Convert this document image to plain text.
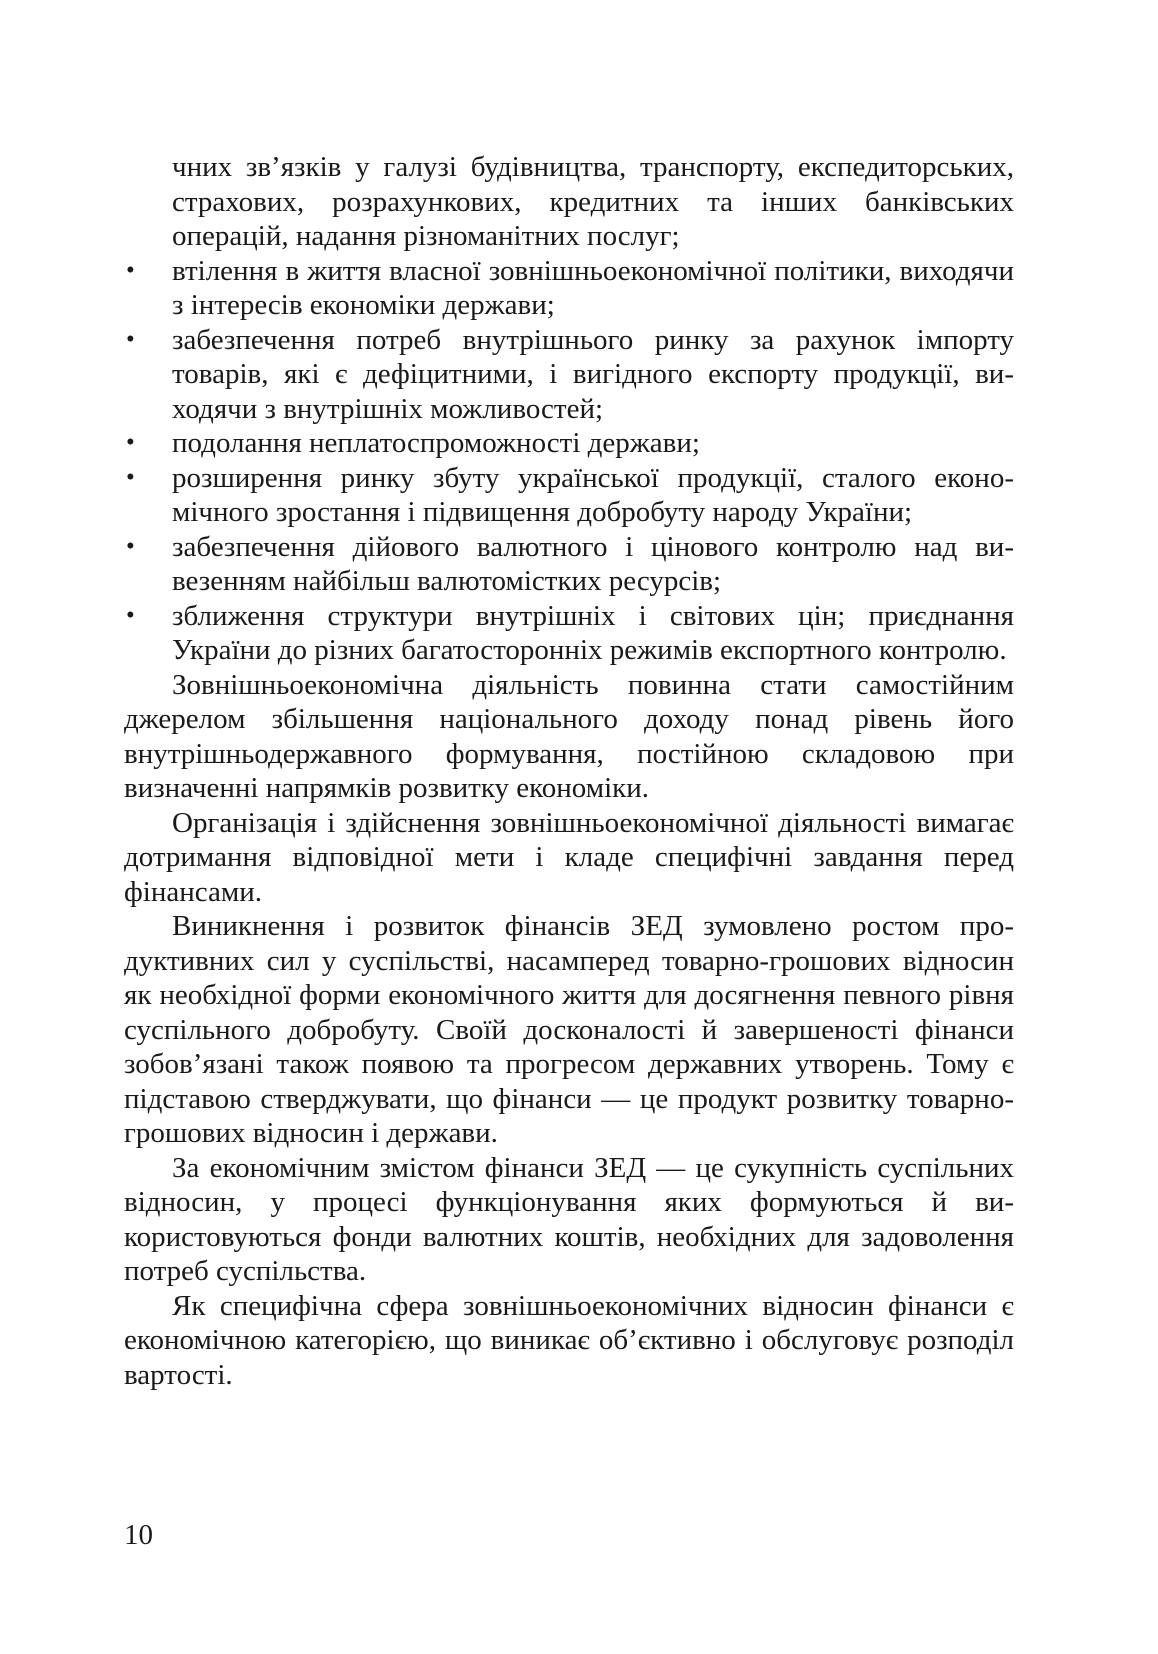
чних зв’язків у галузі будівництва, транспорту, експедиторських, страхових, розрахункових, кредитних та інших банківських операцій, надання різноманітних послуг;

• втілення в життя власної зовнішньоекономічної політики, виходячи з інтересів економіки держави;
• забезпечення потреб внутрішнього ринку за рахунок імпорту товарів, які є дефіцитними, і вигідного експорту продукції, виходячи з внутрішніх можливостей;
• подолання неплатоспроможності держави;
• розширення ринку збуту української продукції, сталого економічного зростання і підвищення добробуту народу України;
• забезпечення дійового валютного і цінового контролю над вивезенням найбільш валютомістких ресурсів;
• зближення структури внутрішніх і світових цін; приєднання України до різних багатосторонніх режимів експортного контролю.

Зовнішньоекономічна діяльність повинна стати самостійним джерелом збільшення національного доходу понад рівень його внутрішньодержавного формування, постійною складовою при визначенні напрямків розвитку економіки.

Організація і здійснення зовнішньоекономічної діяльності вимагає дотримання відповідної мети і кладе специфічні завдання перед фінансами.

Виникнення і розвиток фінансів ЗЕД зумовлено ростом продуктивних сил у суспільстві, насамперед товарно-грошових відносин як необхідної форми економічного життя для досягнення певного рівня суспільного добробуту. Своїй досконалості й завершеності фінанси зобов’язані також появою та прогресом державних утворень. Тому є підставою стверджувати, що фінанси — це продукт розвитку товарно-грошових відносин і держави.

За економічним змістом фінанси ЗЕД — це сукупність суспільних відносин, у процесі функціонування яких формуються й використовуються фонди валютних коштів, необхідних для задоволення потреб суспільства.

Як специфічна сфера зовнішньоекономічних відносин фінанси є економічною категорією, що виникає об’єктивно і обслуговує розподіл вартості.

10
